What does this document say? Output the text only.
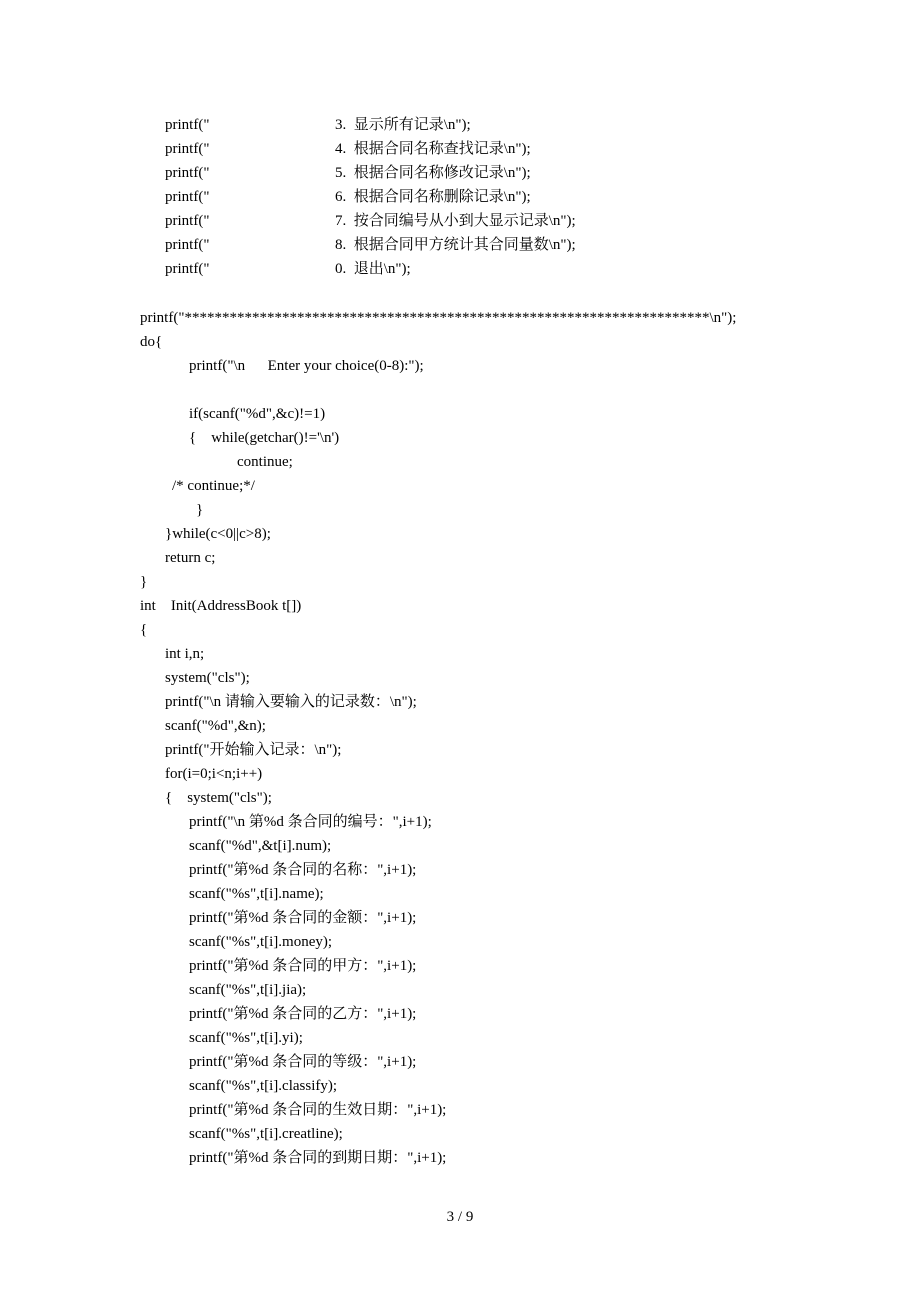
printf("	3.  显示所有记录\n");
printf("	4.  根据合同名称查找记录\n");
printf("	5.  根据合同名称修改记录\n");
printf("	6.  根据合同名称删除记录\n");
printf("	7.  按合同编号从小到大显示记录\n");
printf("	8.  根据合同甲方统计其合同量数\n");
printf("	0.  退出\n");
printf("**********************************************************************\n");
do{
printf("\n      Enter your choice(0-8):");
if(scanf("%d",&c)!=1)
{    while(getchar()!='\n')
continue;
/* continue;*/
}
}while(c<0||c>8);
return c;
}
int    Init(AddressBook t[])
{
int i,n;
system("cls");
printf("\n 请输入要输入的记录数：\n");
scanf("%d",&n);
printf("开始输入记录：\n");
for(i=0;i<n;i++)
{    system("cls");
printf("\n 第%d 条合同的编号：",i+1);
scanf("%d",&t[i].num);
printf("第%d 条合同的名称：",i+1);
scanf("%s",t[i].name);
printf("第%d 条合同的金额：",i+1);
scanf("%s",t[i].money);
printf("第%d 条合同的甲方：",i+1);
scanf("%s",t[i].jia);
printf("第%d 条合同的乙方：",i+1);
scanf("%s",t[i].yi);
printf("第%d 条合同的等级：",i+1);
scanf("%s",t[i].classify);
printf("第%d 条合同的生效日期：",i+1);
scanf("%s",t[i].creatline);
printf("第%d 条合同的到期日期：",i+1);
3 / 9
